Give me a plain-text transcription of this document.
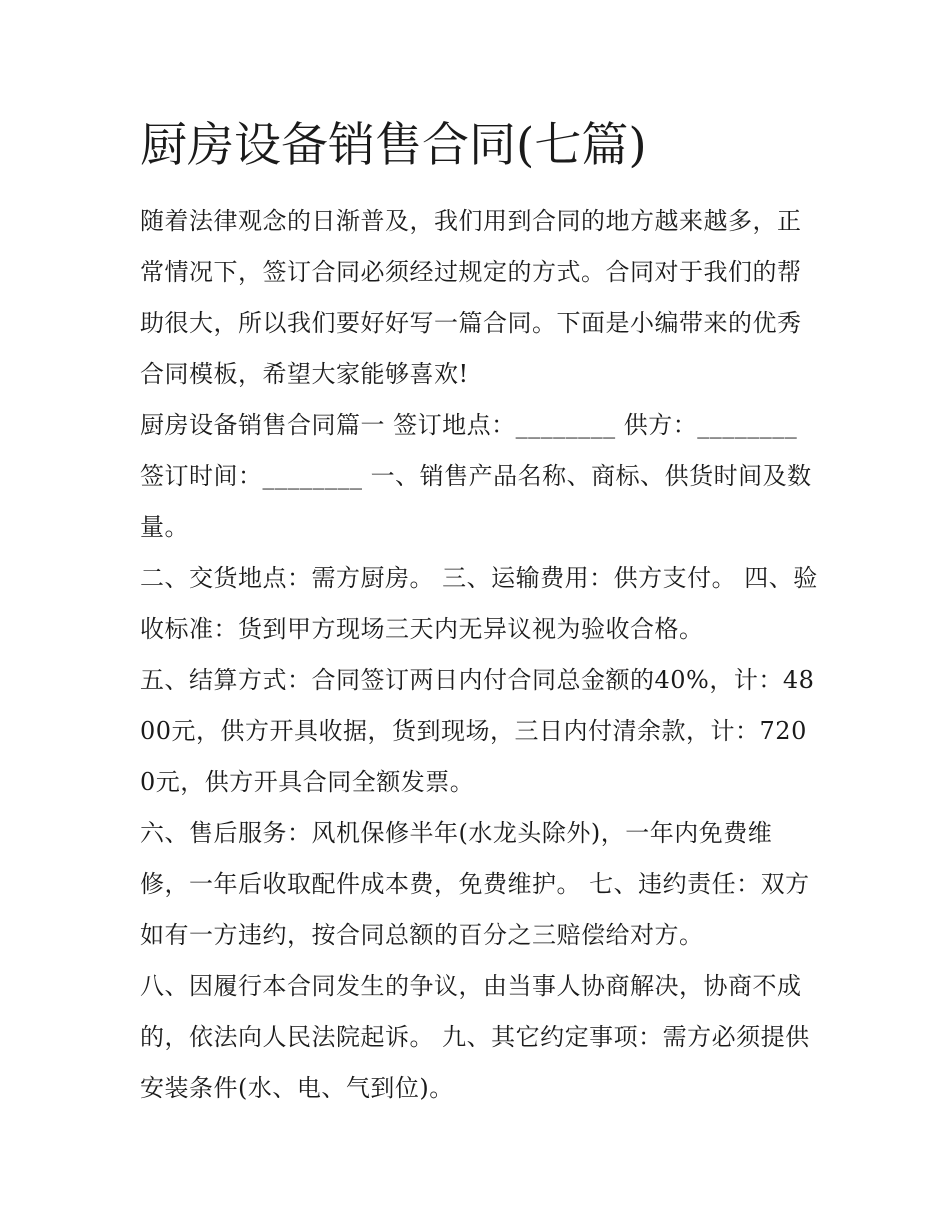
厨房设备销售合同(七篇)

随着法律观念的日渐普及，我们用到合同的地方越来越多，正常情况下，签订合同必须经过规定的方式。合同对于我们的帮助很大，所以我们要好好写一篇合同。下面是小编带来的优秀合同模板，希望大家能够喜欢!

厨房设备销售合同篇一 签订地点：________ 供方：________ 签订时间：________ 一、销售产品名称、商标、供货时间及数量。

二、交货地点：需方厨房。 三、运输费用：供方支付。 四、验收标准：货到甲方现场三天内无异议视为验收合格。

五、结算方式：合同签订两日内付合同总金额的40%，计：4800元，供方开具收据，货到现场，三日内付清余款，计：7200元，供方开具合同全额发票。

六、售后服务：风机保修半年(水龙头除外)，一年内免费维修，一年后收取配件成本费，免费维护。 七、违约责任：双方如有一方违约，按合同总额的百分之三赔偿给对方。

八、因履行本合同发生的争议，由当事人协商解决，协商不成的，依法向人民法院起诉。 九、其它约定事项：需方必须提供安装条件(水、电、气到位)。
